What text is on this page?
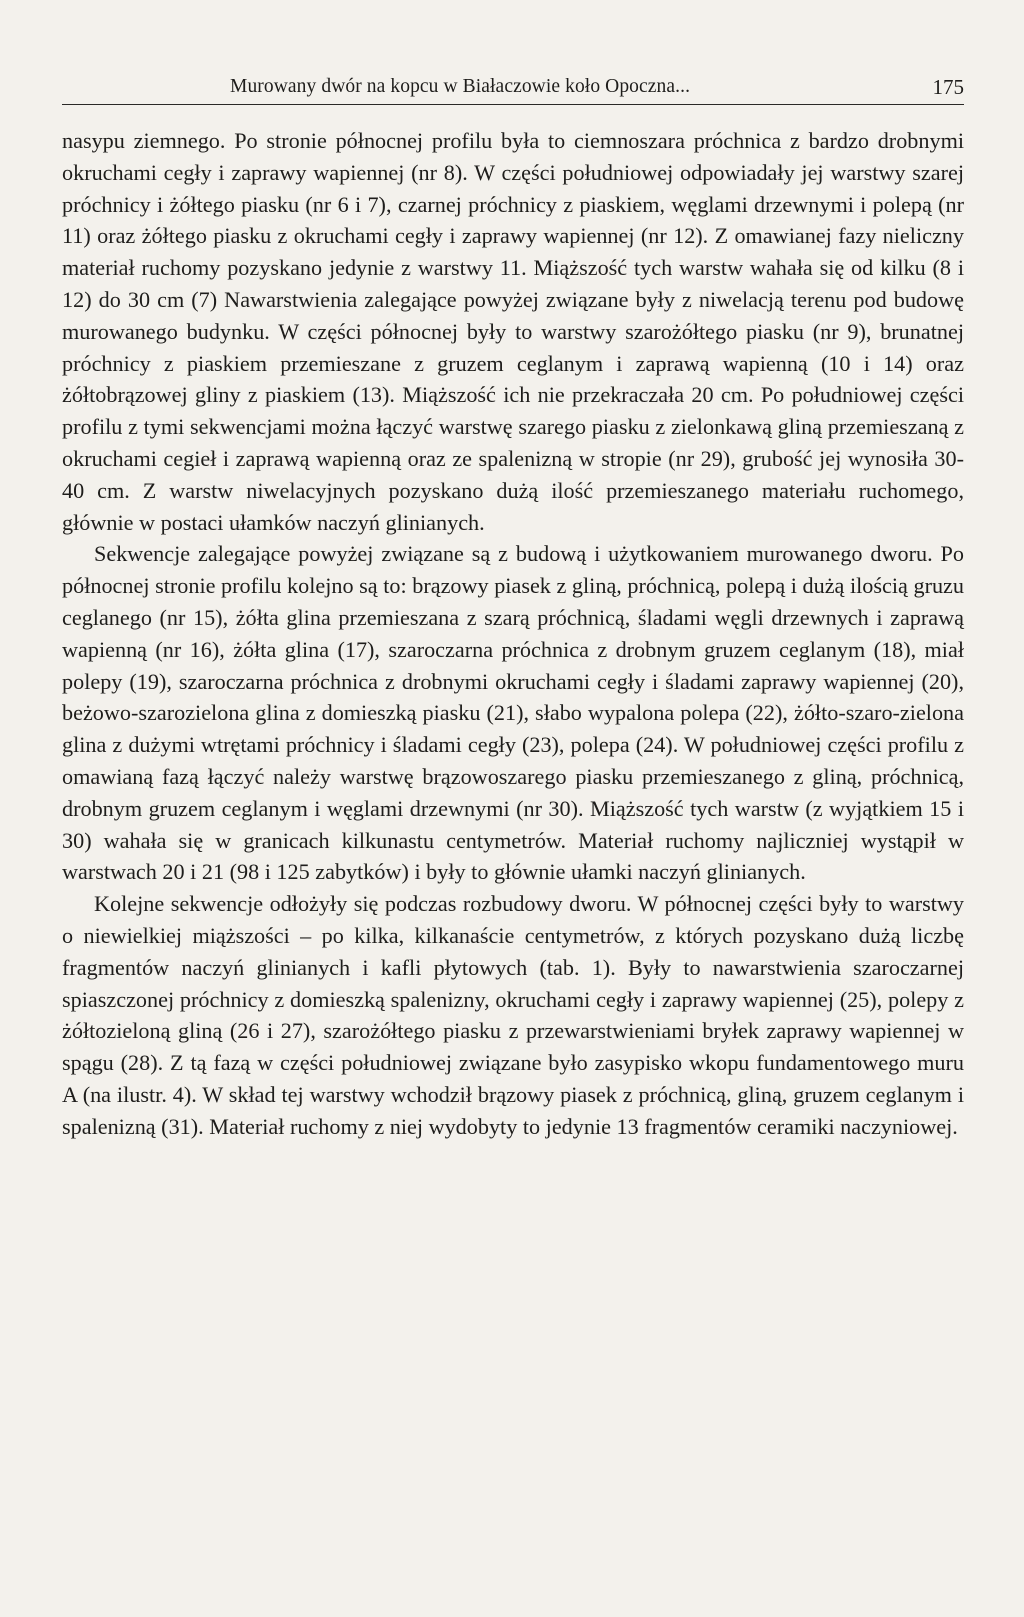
Murowany dwór na kopcu w Białaczowie koło Opoczna...	175

nasypu ziemnego. Po stronie północnej profilu była to ciemnoszara próchnica z bardzo drobnymi okruchami cegły i zaprawy wapiennej (nr 8). W części południowej odpowiadały jej warstwy szarej próchnicy i żółtego piasku (nr 6 i 7), czarnej próchnicy z piaskiem, węglami drzewnymi i polepą (nr 11) oraz żółtego piasku z okruchami cegły i zaprawy wapiennej (nr 12). Z omawianej fazy nieliczny materiał ruchomy pozyskano jedynie z warstwy 11. Miąższość tych warstw wahała się od kilku (8 i 12) do 30 cm (7) Nawarstwienia zalegające powyżej związane były z niwelacją terenu pod budowę murowanego budynku. W części północnej były to warstwy szarożółtego piasku (nr 9), brunatnej próchnicy z piaskiem przemieszane z gruzem ceglanym i zaprawą wapienną (10 i 14) oraz żółtobrązowej gliny z piaskiem (13). Miąższość ich nie przekraczała 20 cm. Po południowej części profilu z tymi sekwencjami można łączyć warstwę szarego piasku z zielonkawą gliną przemieszaną z okruchami cegieł i zaprawą wapienną oraz ze spalenizną w stropie (nr 29), grubość jej wynosiła 30-40 cm. Z warstw niwelacyjnych pozyskano dużą ilość przemieszanego materiału ruchomego, głównie w postaci ułamków naczyń glinianych.

Sekwencje zalegające powyżej związane są z budową i użytkowaniem murowanego dworu. Po północnej stronie profilu kolejno są to: brązowy piasek z gliną, próchnicą, polepą i dużą ilością gruzu ceglanego (nr 15), żółta glina przemieszana z szarą próchnicą, śladami węgli drzewnych i zaprawą wapienną (nr 16), żółta glina (17), szaroczarna próchnica z drobnym gruzem ceglanym (18), miał polepy (19), szaroczarna próchnica z drobnymi okruchami cegły i śladami zaprawy wapiennej (20), beżowo-szarozielona glina z domieszką piasku (21), słabo wypalona polepa (22), żółto-szaro-zielona glina z dużymi wtrętami próchnicy i śladami cegły (23), polepa (24). W południowej części profilu z omawianą fazą łączyć należy warstwę brązowoszarego piasku przemieszanego z gliną, próchnicą, drobnym gruzem ceglanym i węglami drzewnymi (nr 30). Miąższość tych warstw (z wyjątkiem 15 i 30) wahała się w granicach kilkunastu centymetrów. Materiał ruchomy najliczniej wystąpił w warstwach 20 i 21 (98 i 125 zabytków) i były to głównie ułamki naczyń glinianych.

Kolejne sekwencje odłożyły się podczas rozbudowy dworu. W północnej części były to warstwy o niewielkiej miąższości – po kilka, kilkanaście centymetrów, z których pozyskano dużą liczbę fragmentów naczyń glinianych i kafli płytowych (tab. 1). Były to nawarstwienia szaroczarnej spiaszczonej próchnicy z domieszką spalenizny, okruchami cegły i zaprawy wapiennej (25), polepy z żółtozieloną gliną (26 i 27), szarożółtego piasku z przewarstwieniami bryłek zaprawy wapiennej w spągu (28). Z tą fazą w części południowej związane było zasypisko wkopu fundamentowego muru A (na ilustr. 4). W skład tej warstwy wchodził brązowy piasek z próchnicą, gliną, gruzem ceglanym i spalenizną (31). Materiał ruchomy z niej wydobyty to jedynie 13 fragmentów ceramiki naczyniowej.
